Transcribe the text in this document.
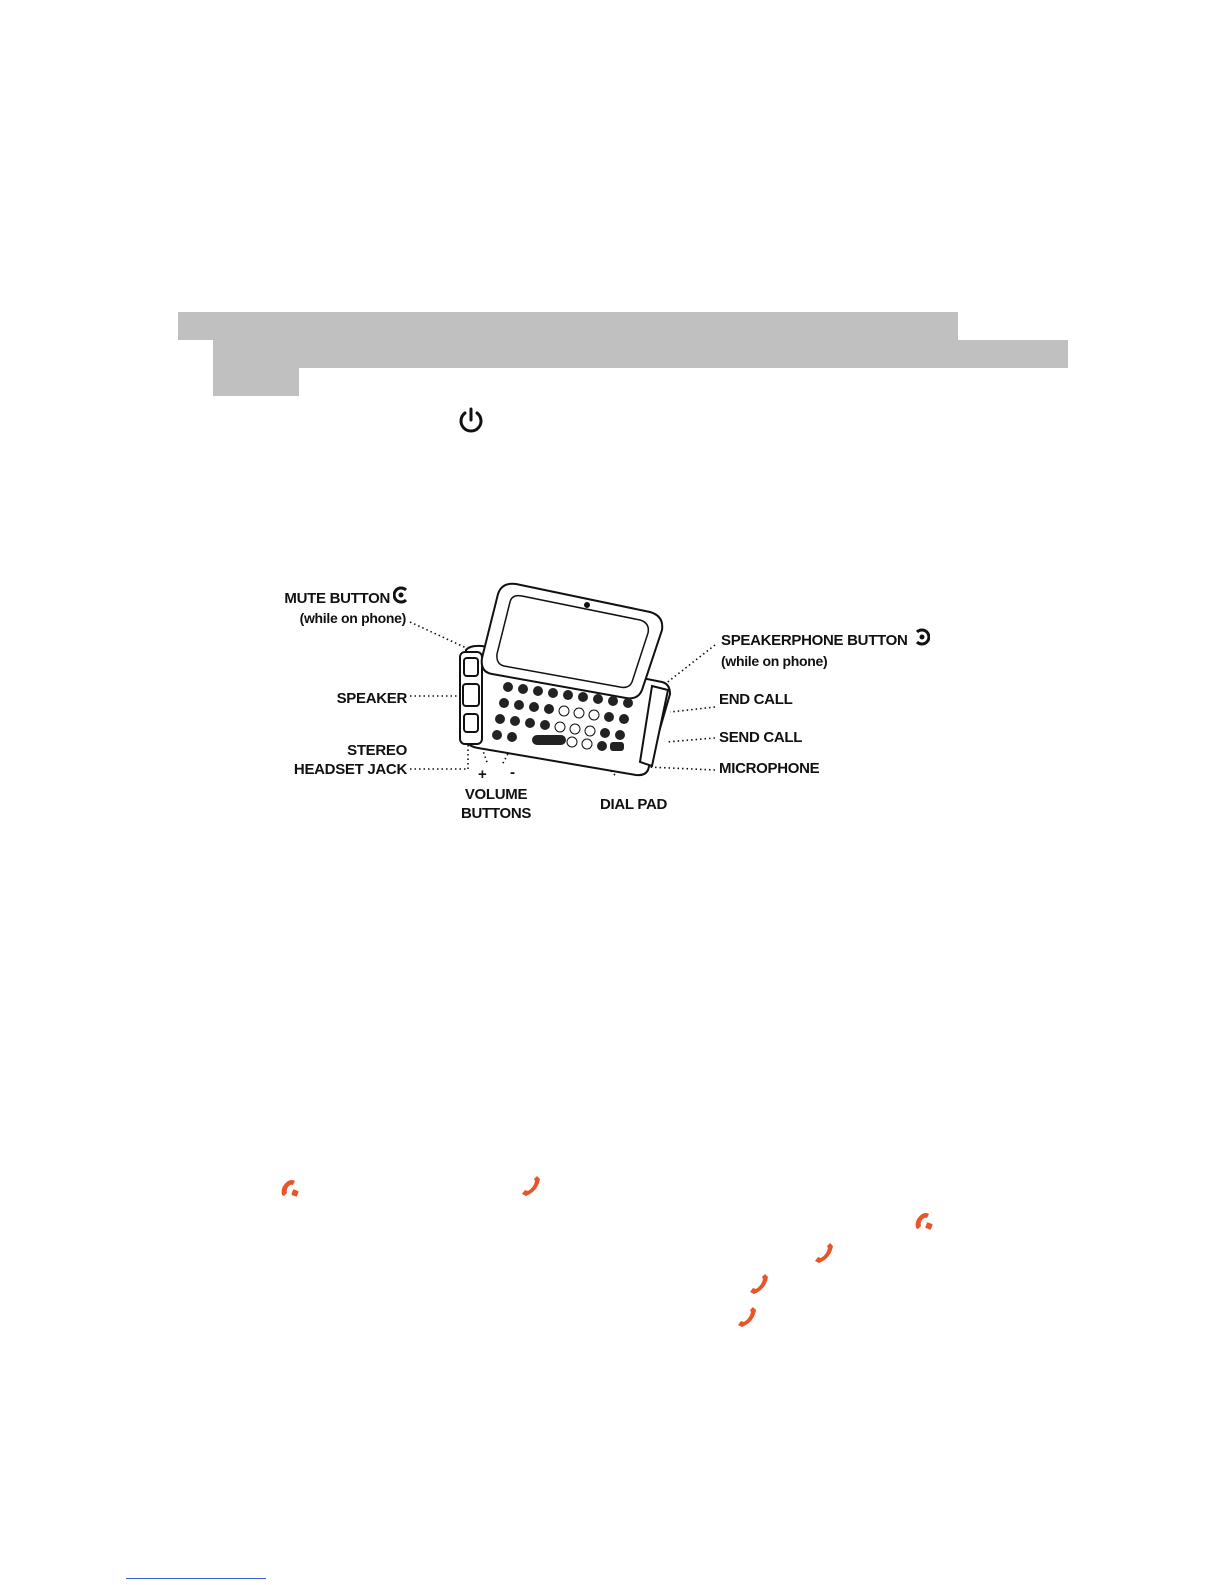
MUTE BUTTON
(while on phone)
SPEAKER
STEREO
HEADSET JACK	+ -
VOLUME
BUTTONS
DIAL PAD
SPEAKERPHONE BUTTON
(while on phone)
END CALL
SEND CALL
MICROPHONE
